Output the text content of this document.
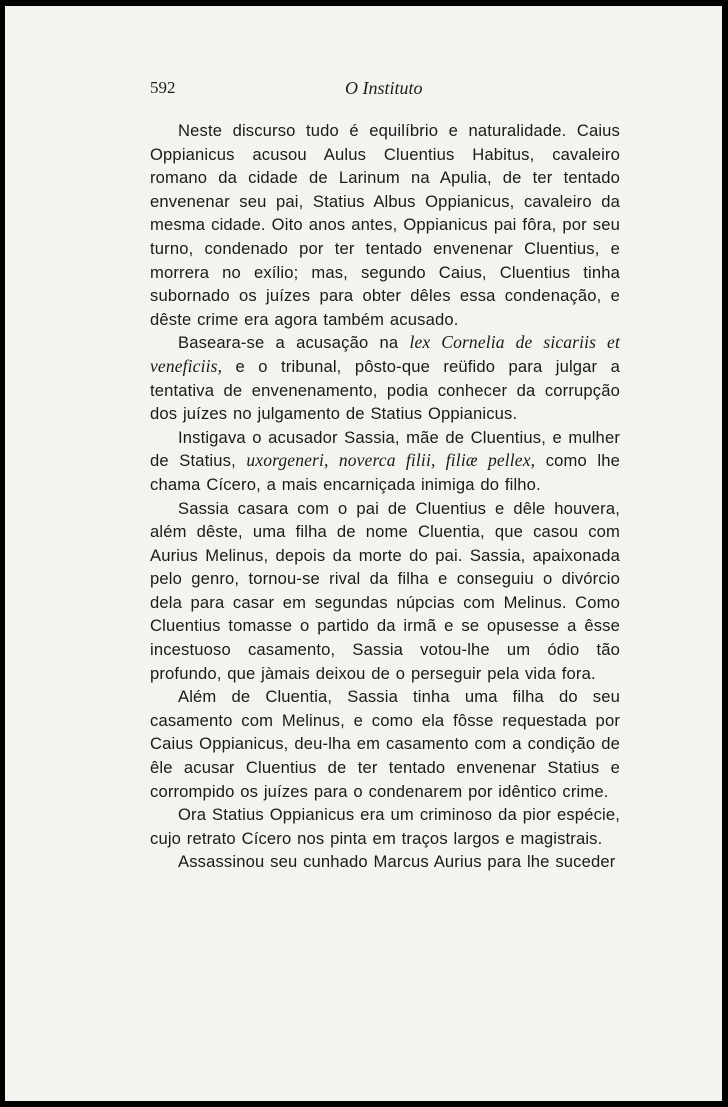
592	O Instituto

Neste discurso tudo é equilíbrio e naturalidade. Caius Oppianicus acusou Aulus Cluentius Habitus, cavaleiro romano da cidade de Larinum na Apulia, de ter tentado envenenar seu pai, Statius Albus Oppianicus, cavaleiro da mesma cidade. Oito anos antes, Oppianicus pai fôra, por seu turno, condenado por ter tentado envenenar Cluentius, e morrera no exílio; mas, segundo Caius, Cluentius tinha subornado os juízes para obter dêles essa condenação, e dêste crime era agora também acusado.

Baseara-se a acusação na lex Cornelia de sicariis et veneficiis, e o tribunal, pôsto-que reüfido para julgar a tentativa de envenenamento, podia conhecer da corrupção dos juízes no julgamento de Statius Oppianicus.

Instigava o acusador Sassia, mãe de Cluentius, e mulher de Statius, uxorgeneri, noverca filii, filiæ pellex, como lhe chama Cícero, a mais encarniçada inimiga do filho.

Sassia casara com o pai de Cluentius e dêle houvera, além dêste, uma filha de nome Cluentia, que casou com Aurius Melinus, depois da morte do pai. Sassia, apaixonada pelo genro, tornou-se rival da filha e conseguiu o divórcio dela para casar em segundas núpcias com Melinus. Como Cluentius tomasse o partido da irmã e se opusesse a êsse incestuoso casamento, Sassia votou-lhe um ódio tão profundo, que jàmais deixou de o perseguir pela vida fora.

Além de Cluentia, Sassia tinha uma filha do seu casamento com Melinus, e como ela fôsse requestada por Caius Oppianicus, deu-lha em casamento com a condição de êle acusar Cluentius de ter tentado envenenar Statius e corrompido os juízes para o condenarem por idêntico crime.

Ora Statius Oppianicus era um criminoso da pior espécie, cujo retrato Cícero nos pinta em traços largos e magistrais.

Assassinou seu cunhado Marcus Aurius para lhe suceder
